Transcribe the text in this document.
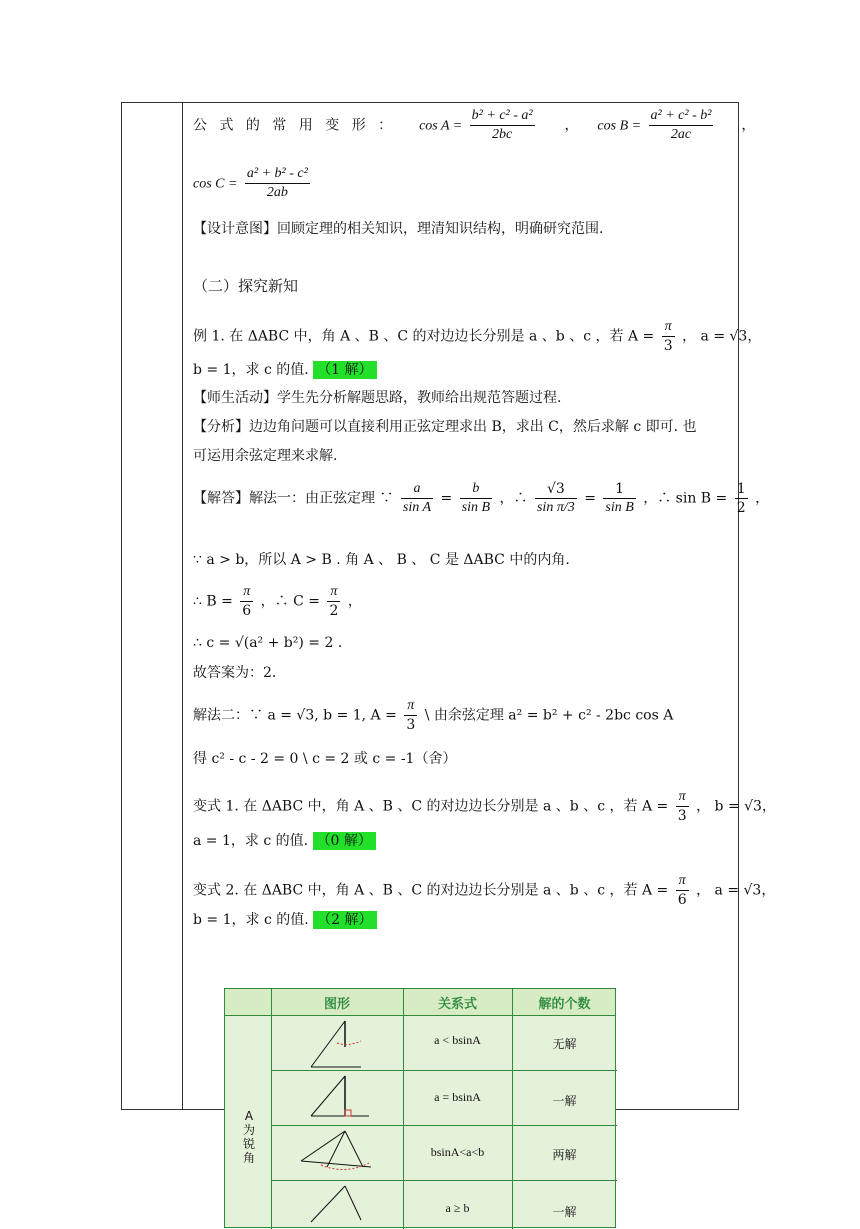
公 式 的 常 用 变 形 ： $\cos A = \frac{\text{b² + c² - a²}}{2bc}$ ， $\cos B = \frac{\text{a² + c² - b²}}{2ac}$ ，
$\cos C = \frac{\text{a² + b² - c²}}{2ab}$
【设计意图】回顾定理的相关知识，理清知识结构，明确研究范围.
（二）探究新知
例 1. 在 ΔABC 中，角 A 、B 、C 的对边边长分别是 a 、b 、c ，若 $A = \frac{\pi}{3}$ ， a = √3，
b = 1，求 c 的值. （1 解）
【师生活动】学生先分析解题思路，教师给出规范答题过程.
【分析】边边角问题可以直接利用正弦定理求出 B，求出 C，然后求解 c 即可. 也
可运用余弦定理来求解.
【解答】解法一：由正弦定理 ∵ $\frac{a}{\text{sin A}} = \frac{b}{\text{sin B}}$ ，∴ $\frac{√3}{\text{sin π/3}} = \frac{1}{\text{sin B}}$ ，∴ $\sin B = \frac{1}{2}$ ，
∵ a > b，所以 A > B . 角 A 、 B 、 C 是 ΔABC 中的内角.
∴ $B = \frac{\pi}{6}$ ，∴ $C = \frac{\pi}{2}$ ，
∴ c = √(a² + b²) = 2 .
故答案为：2.
解法二：∵ a = √3, b = 1, $A = \frac{\pi}{3}$ \ 由余弦定理 a² = b² + c² - 2bc cos A
得 c² - c - 2 = 0 \ c = 2 或 c = -1（舍）
变式 1. 在 ΔABC 中，角 A 、B 、C 的对边边长分别是 a 、b 、c ，若 $A = \frac{\pi}{3}$ ， b = √3，
a = 1，求 c 的值. （0 解）
变式 2. 在 ΔABC 中，角 A 、B 、C 的对边边长分别是 a 、b 、c ，若 $A = \frac{\pi}{6}$ ， a = √3，
b = 1，求 c 的值. （2 解）
图形	关系式	解的个数
A
为
锐
角
a < bsinA	无解
a = bsinA	一解
bsinA<a<b	两解
a ≥ b	一解
